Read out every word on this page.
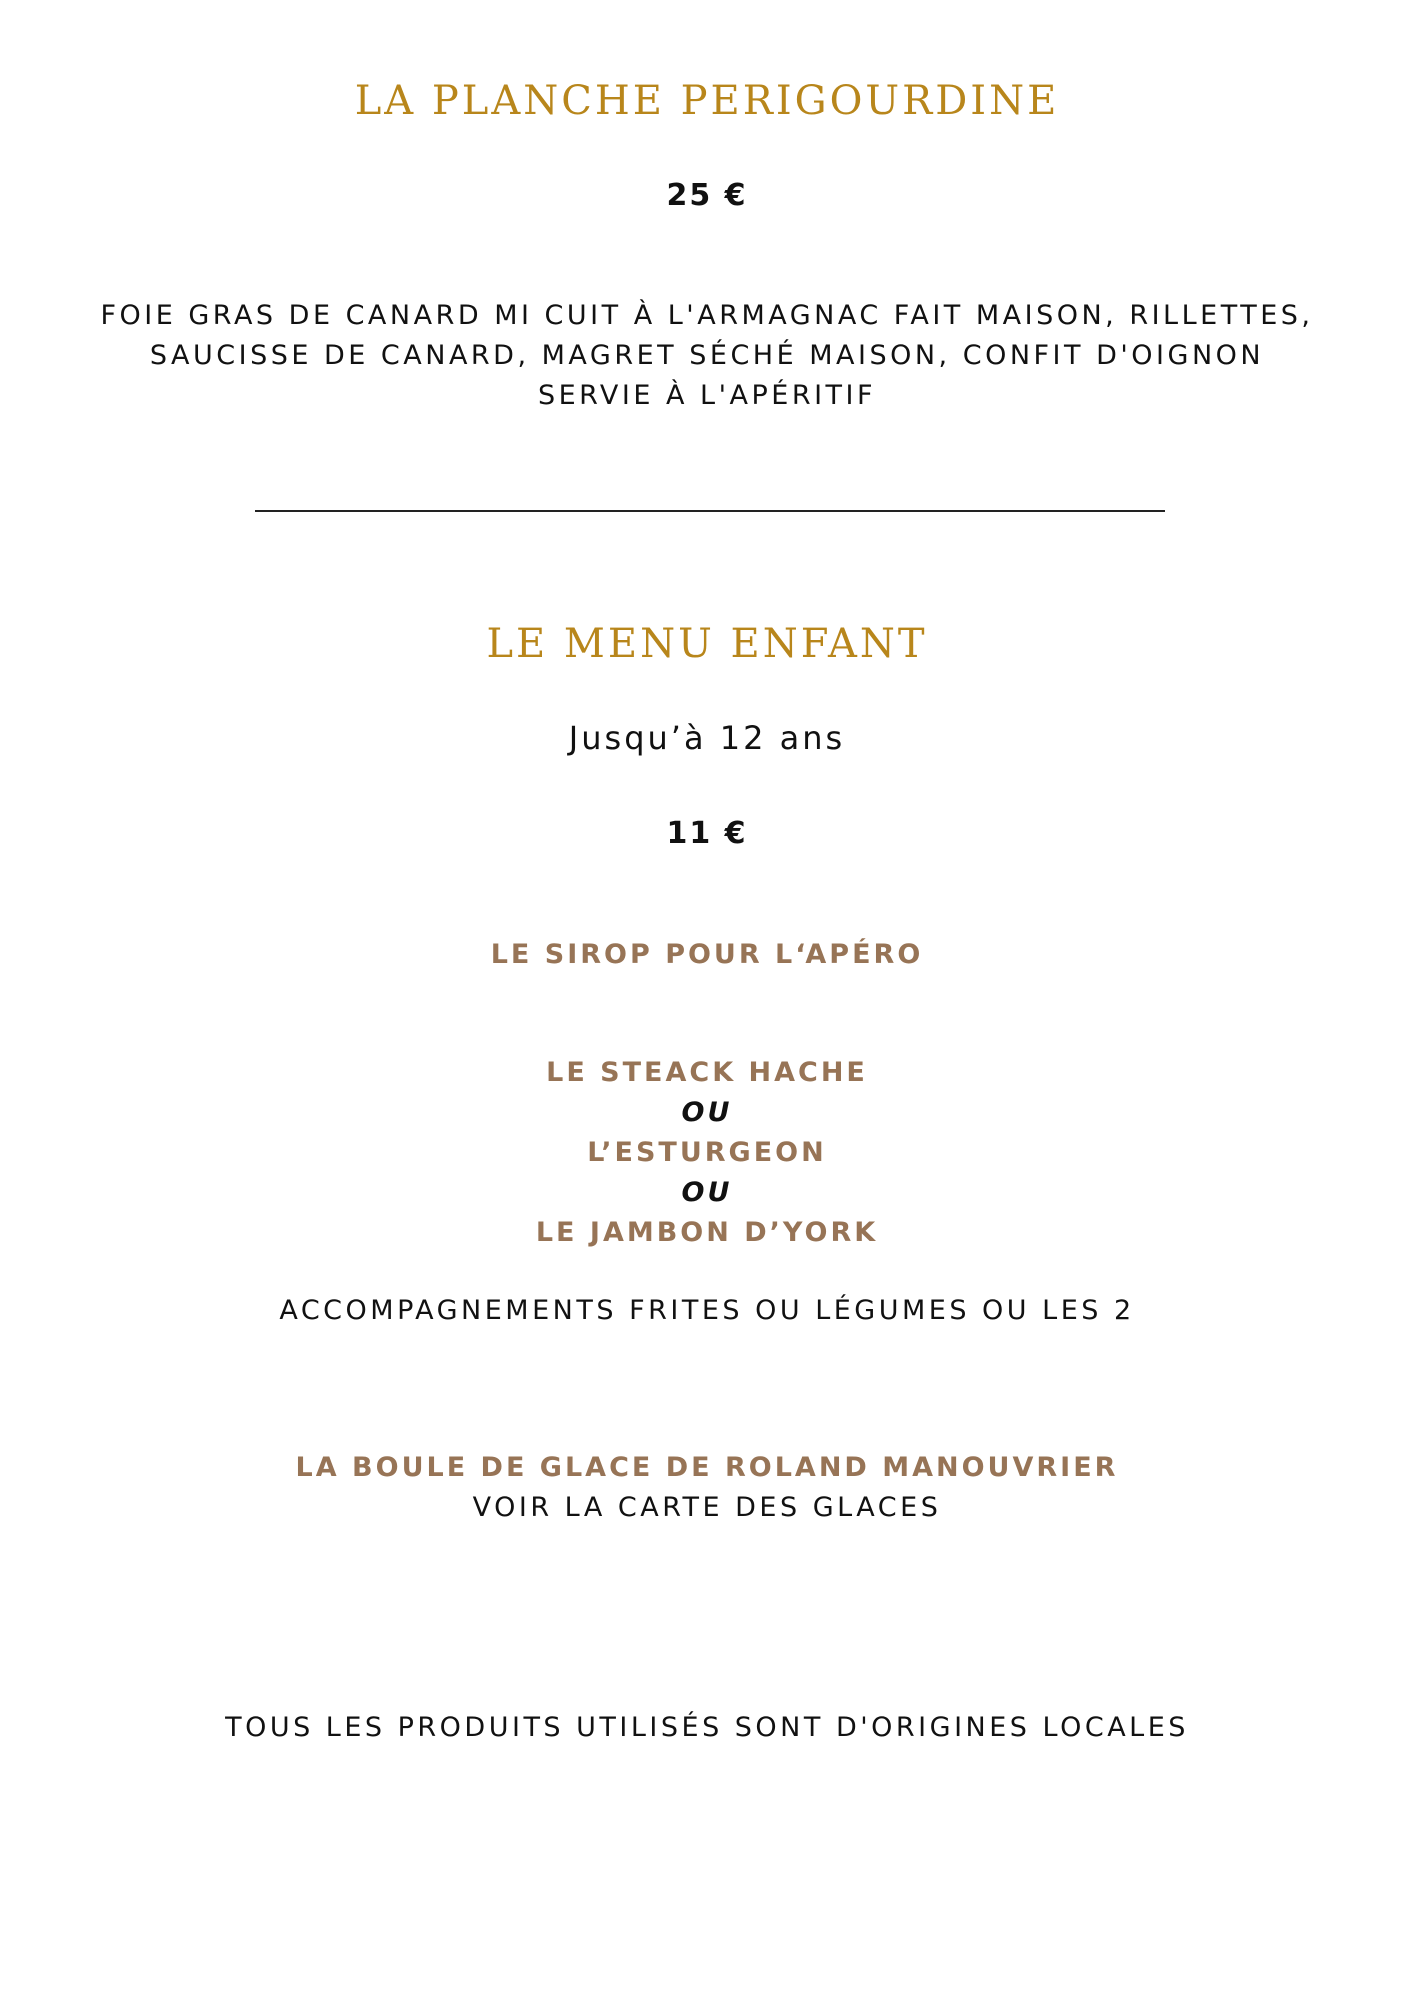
LA PLANCHE PERIGOURDINE
25 €
FOIE GRAS DE CANARD MI CUIT À L'ARMAGNAC FAIT MAISON, RILLETTES,
SAUCISSE DE CANARD, MAGRET SÉCHÉ MAISON, CONFIT D'OIGNON
SERVIE À L'APÉRITIF
LE MENU ENFANT
Jusqu’à 12 ans
11 €
LE SIROP POUR L‘APÉRO
LE STEACK HACHE
OU
L’ESTURGEON
OU
LE JAMBON D’YORK
ACCOMPAGNEMENTS FRITES OU LÉGUMES OU LES 2
LA BOULE DE GLACE DE ROLAND MANOUVRIER
VOIR LA CARTE DES GLACES
TOUS LES PRODUITS UTILISÉS SONT D'ORIGINES LOCALES
